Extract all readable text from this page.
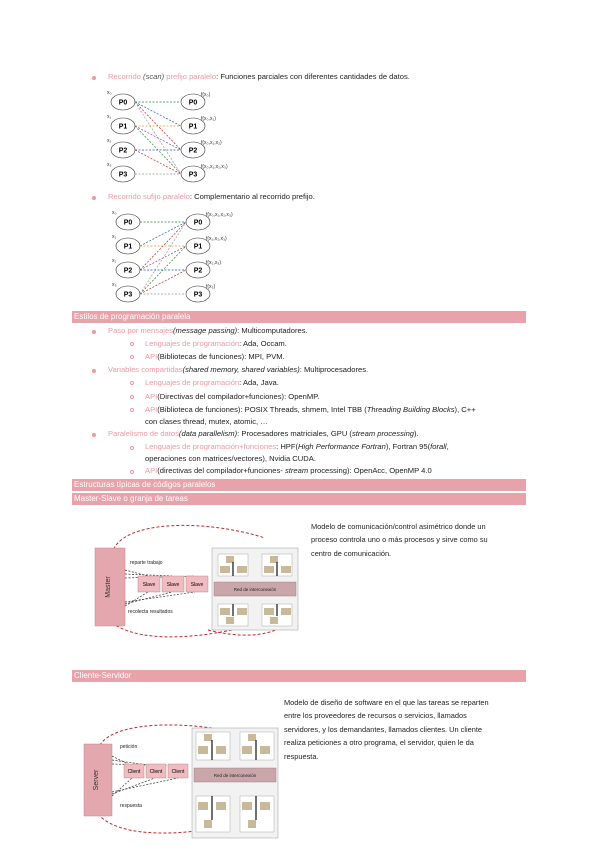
Recorrido (scan) prefijo paralelo: Funciones parciales con diferentes cantidades de datos.
P0	P0
x₀	f(x₀)
P1	P1
x₁	f(x₀,x₁)
P2	P2
x₂	f(x₀,x₁,x₂)
P3	P3
x₃	f(x₀,x₁,x₂,x₃)
Recorrido sufijo paralelo: Complementario al recorrido prefijo.
P0	P0
x₀	f(x₀,x₁,x₂,x₃)
P1	P1
x₁	f(x₁,x₂,x₃)
P2	P2
x₂	f(x₂,x₃)
P3	P3
x₃	f(x₃)
Estilos de programación paralela
Paso por mensajes(message passing): Multicomputadores.
Lenguajes de programación: Ada, Occam.
API(Bibliotecas de funciones): MPI, PVM.
Variables compartidas(shared memory, shared variables): Multiprocesadores.
Lenguajes de programación: Ada, Java.
API(Directivas del compilador+funciones): OpenMP.
API(Biblioteca de funciones): POSIX Threads, shmem, Intel TBB (Threading Building Blocks), C++
con clases thread, mutex, atomic, …
Paralelismo de datos(data parallelism): Procesadores matriciales, GPU (stream processing).
Lenguajes de programación+funciones: HPF(High Performance Fortran), Fortran 95(forall,
operaciones con matrices/vectores), Nvidia CUDA.
API(directivas del compilador+funciones- stream processing): OpenAcc, OpenMP 4.0
Estructuras típicas de códigos paralelos
Master-Slave o granja de tareas
Master
reparte trabajo
recolecta resultados
Slave Slave Slave
Red de interconexión
Modelo de comunicación/control asimétrico donde un
proceso controla uno o más procesos y sirve como su
centro de comunicación.
Cliente-Servidor
Server
petición
respuesta
Client Client Client
Red de interconexión
Modelo de diseño de software en el que las tareas se reparten
entre los proveedores de recursos o servicios, llamados
servidores, y los demandantes, llamados clientes. Un cliente
realiza peticiones a otro programa, el servidor, quien le da
respuesta.
